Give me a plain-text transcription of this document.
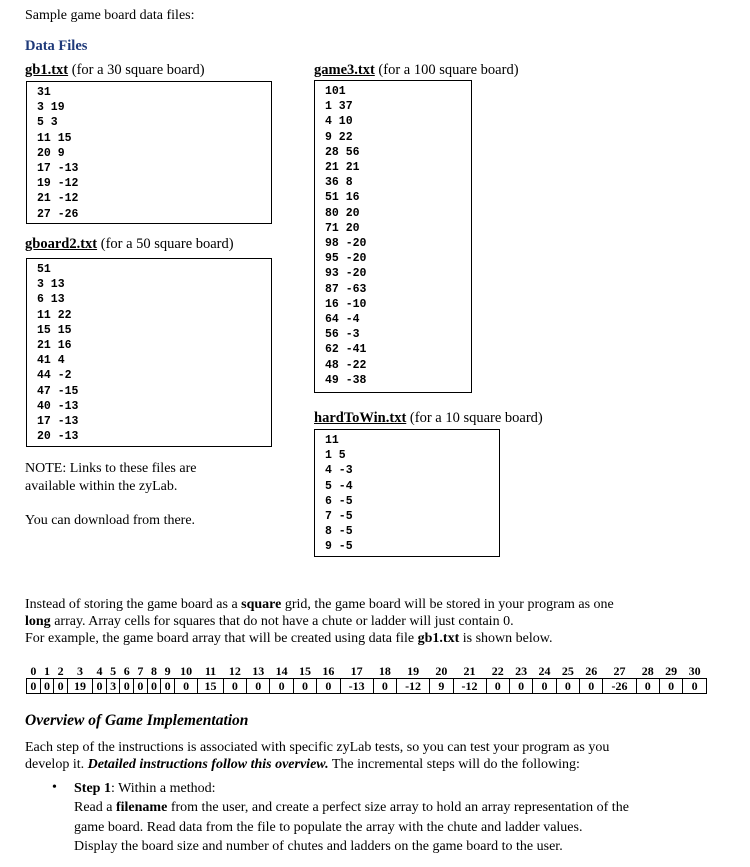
Sample game board data files:
Data Files
gb1.txt (for a 30 square board)
31
3 19
5 3
11 15
20 9
17 -13
19 -12
21 -12
27 -26
gboard2.txt (for a 50 square board)
51
3 13
6 13
11 22
15 15
21 16
41 4
44 -2
47 -15
40 -13
17 -13
20 -13
game3.txt (for a 100 square board)
101
1 37
4 10
9 22
28 56
21 21
36 8
51 16
80 20
71 20
98 -20
95 -20
93 -20
87 -63
16 -10
64 -4
56 -3
62 -41
48 -22
49 -38
hardToWin.txt (for a 10 square board)
11
1 5
4 -3
5 -4
6 -5
7 -5
8 -5
9 -5
NOTE: Links to these files are
available within the zyLab.
You can download from there.
Instead of storing the game board as a square grid, the game board will be stored in your program as one
long array. Array cells for squares that do not have a chute or ladder will just contain 0.
For example, the game board array that will be created using data file gb1.txt is shown below.
0	1	2	3	4	5	6	7	8	9	10	11	12	13	14	15	16	17	18	19	20	21	22	23	24	25	26	27	28	29	30
0	0	0	19	0	3	0	0	0	0	0	15	0	0	0	0	0	-13	0	-12	9	-12	0	0	0	0	0	-26	0	0	0
Overview of Game Implementation
Each step of the instructions is associated with specific zyLab tests, so you can test your program as you
develop it. Detailed instructions follow this overview. The incremental steps will do the following:
• Step 1: Within a method:
Read a filename from the user, and create a perfect size array to hold an array representation of the
game board. Read data from the file to populate the array with the chute and ladder values.
Display the board size and number of chutes and ladders on the game board to the user.
